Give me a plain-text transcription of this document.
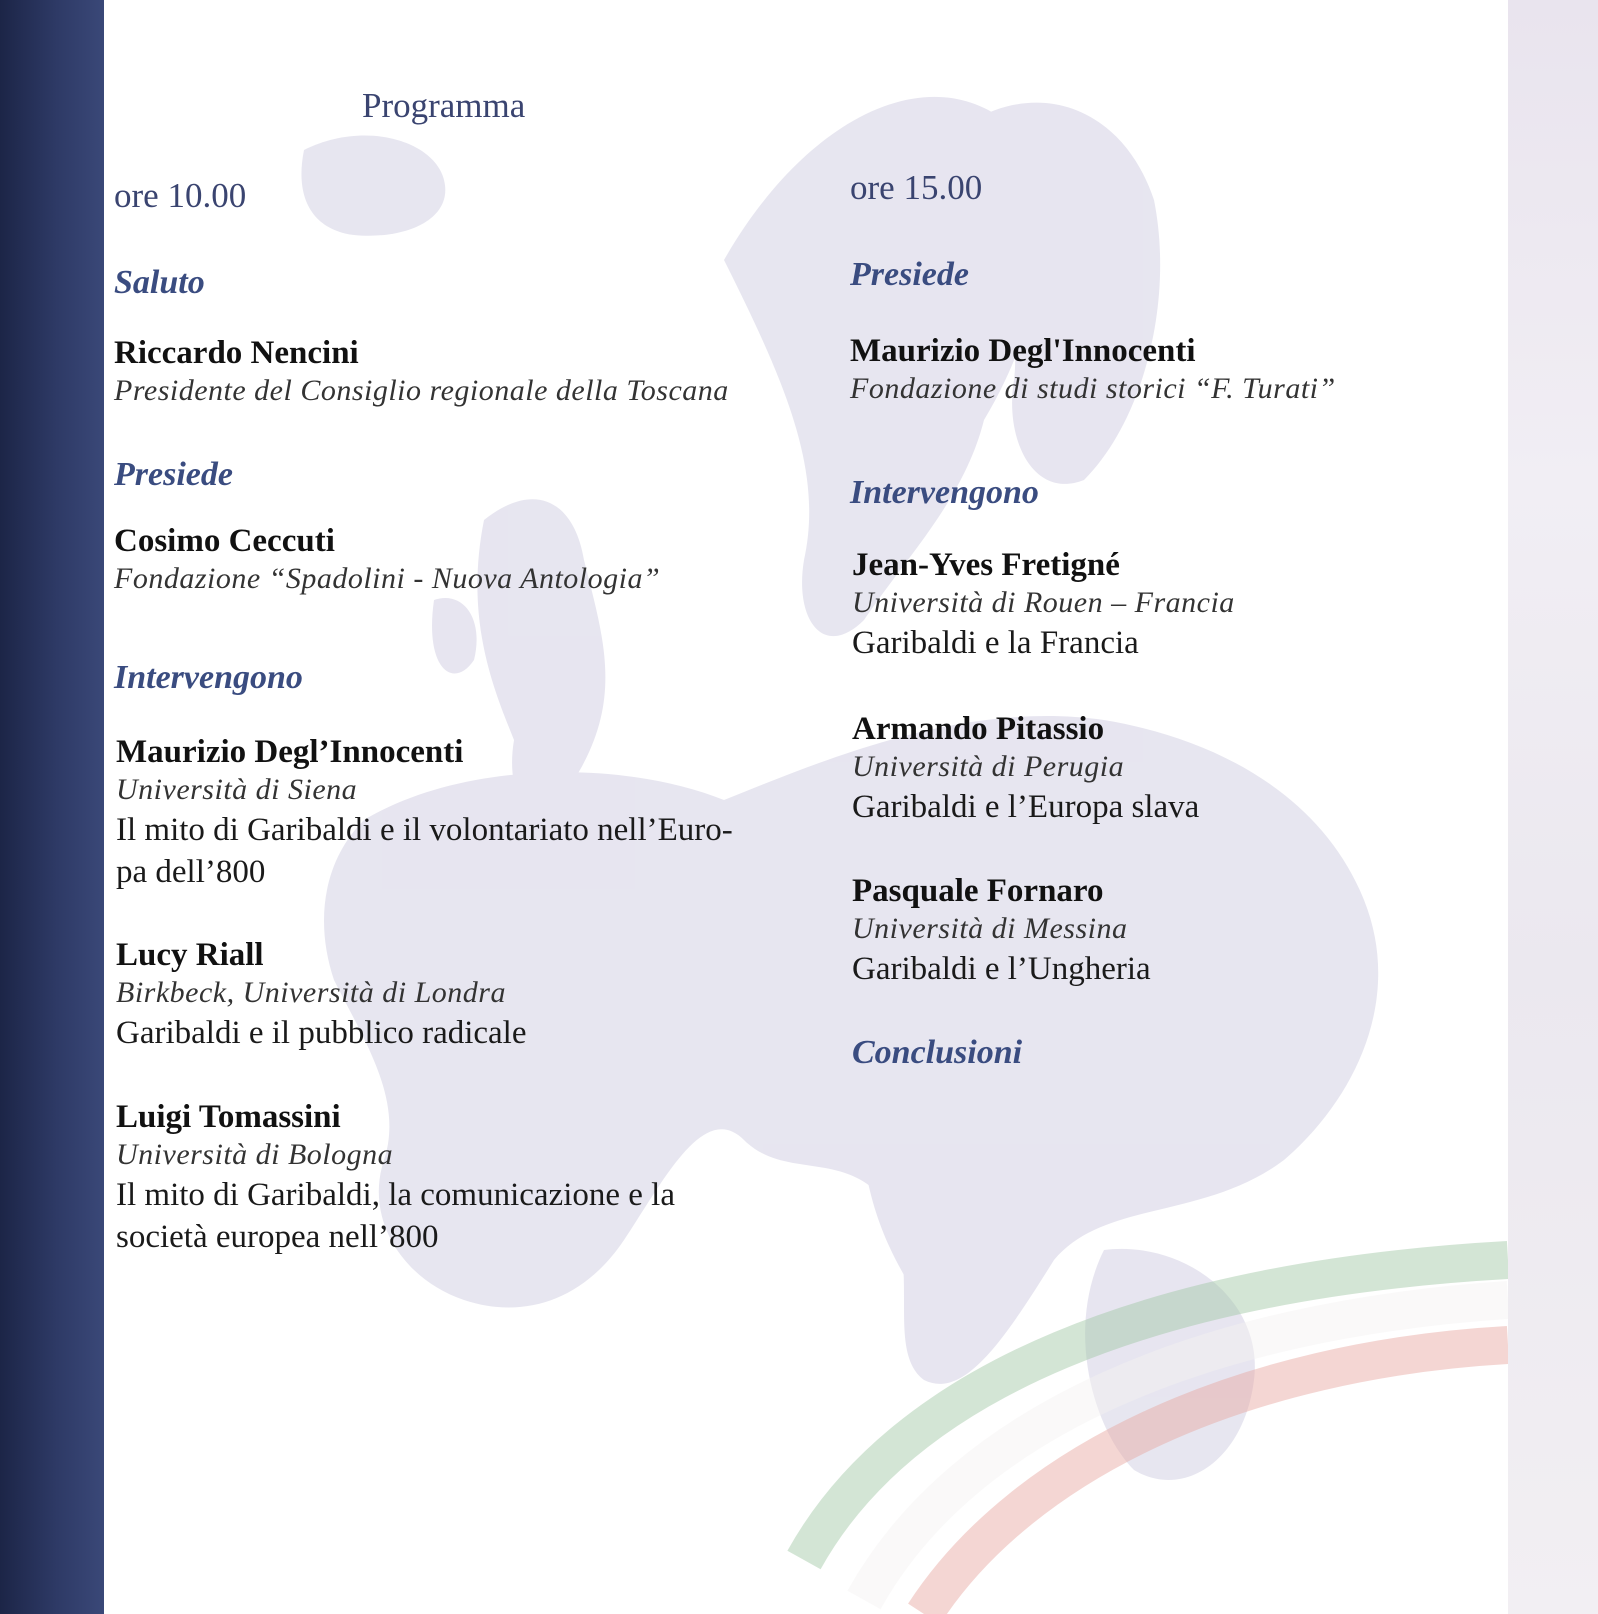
Programma
ore 10.00

Saluto

Riccardo Nencini
Presidente del Consiglio regionale della Toscana

Presiede

Cosimo Ceccuti
Fondazione “Spadolini - Nuova Antologia”

Intervengono

Maurizio Degl’Innocenti
Università di Siena
Il mito di Garibaldi e il volontariato nell’Euro-
pa dell’800
Lucy Riall
Birkbeck, Università di Londra
Garibaldi e il pubblico radicale
Luigi Tomassini
Università di Bologna
Il mito di Garibaldi, la comunicazione e la
società europea nell’800
ore 15.00

Presiede

Maurizio Degl'Innocenti
Fondazione di studi storici “F. Turati”

Intervengono

Jean-Yves Fretigné
Università di Rouen – Francia
Garibaldi e la Francia
Armando Pitassio
Università di Perugia
Garibaldi e l’Europa slava
Pasquale Fornaro
Università di Messina
Garibaldi e l’Ungheria

Conclusioni
